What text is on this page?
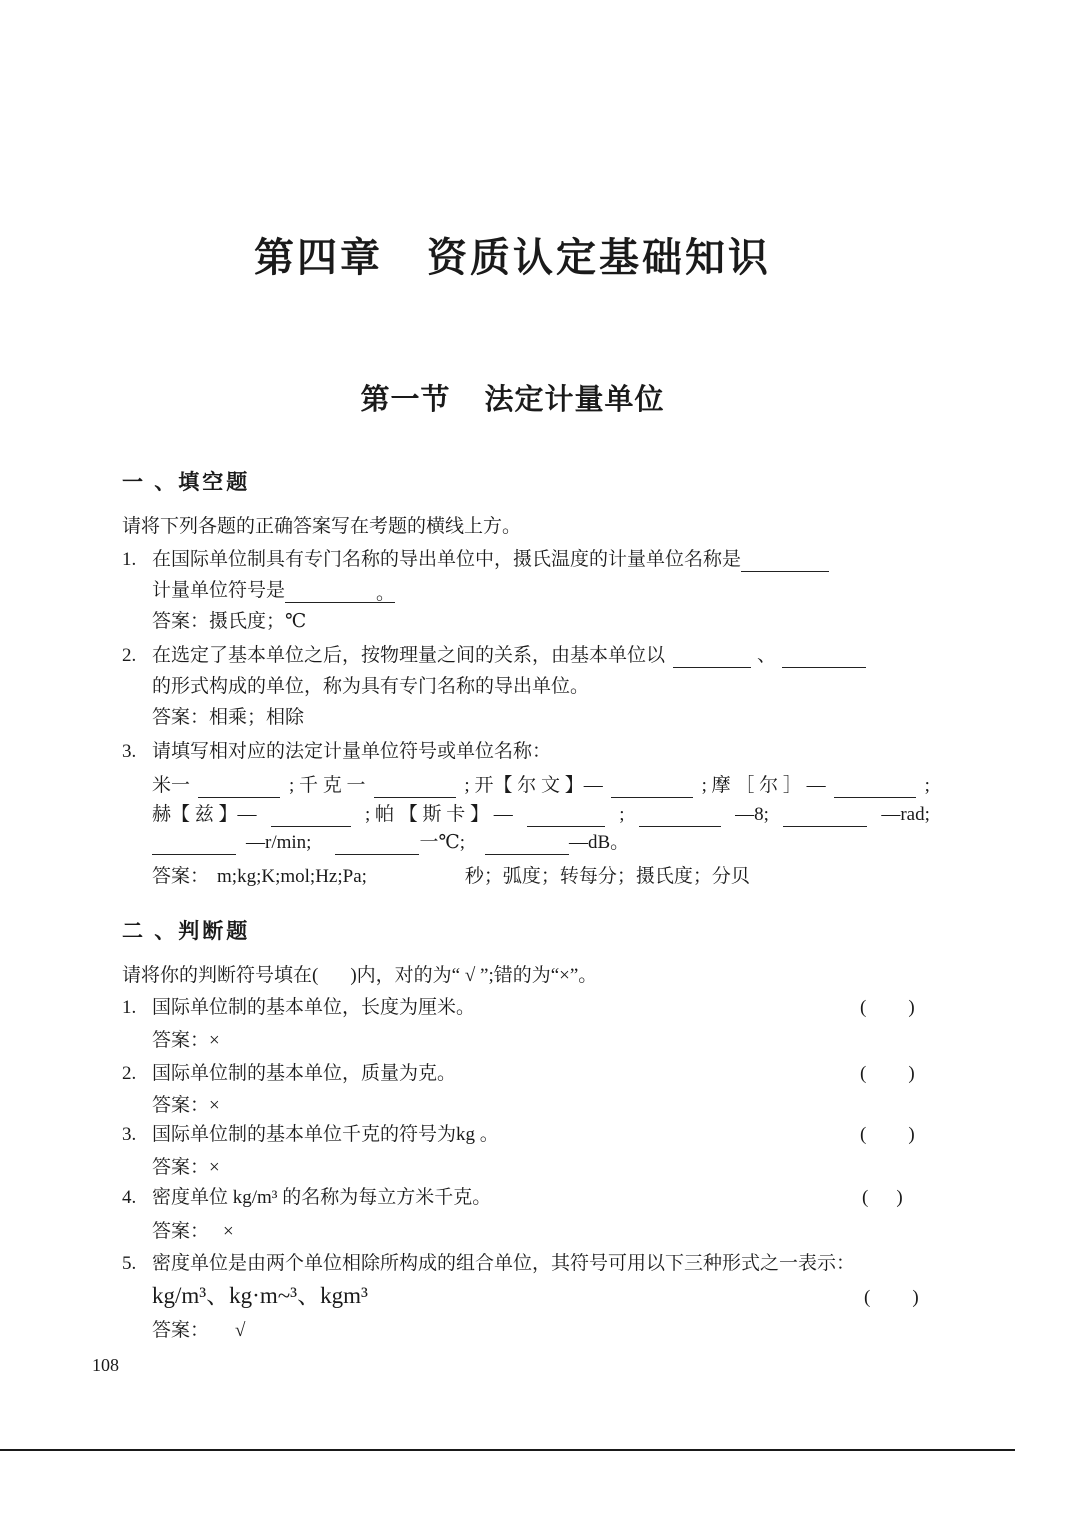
第四章 资质认定基础知识
第一节 法定计量单位
一 、填空题
请将下列各题的正确答案写在考题的横线上方。
1. 在国际单位制具有专门名称的导出单位中，摄氏温度的计量单位名称是
计量单位符号是	。
答案：摄氏度；℃
2. 在选定了基本单位之后，按物理量之间的关系，由基本单位以	、
的形式构成的单位，称为具有专门名称的导出单位。
答案：相乘；相除
3. 请填写相对应的法定计量单位符号或单位名称：
米一	; 千 克 一	; 开【 尔 文 】—	; 摩 ［ 尔 ］ —	;
赫【 兹 】—	; 帕 【 斯 卡 】 —	;	—8;	—rad;
—r/min;	一℃;	—dB。
答案： m;kg;K;mol;Hz;Pa;	秒；弧度；转每分；摄氏度；分贝
二 、判断题
请将你的判断符号填在( )内，对的为“ √ ”;错的为“×”。
1. 国际单位制的基本单位，长度为厘米。	( )
答案：×
2. 国际单位制的基本单位，质量为克。	( )
答案：×
3. 国际单位制的基本单位千克的符号为kg 。	( )
答案：×
4. 密度单位 kg/m³ 的名称为每立方米千克。	( )
答案： ×
5. 密度单位是由两个单位相除所构成的组合单位，其符号可用以下三种形式之一表示：
kg/m³、kg·m~³、kgm³	( )
答案： √
108
